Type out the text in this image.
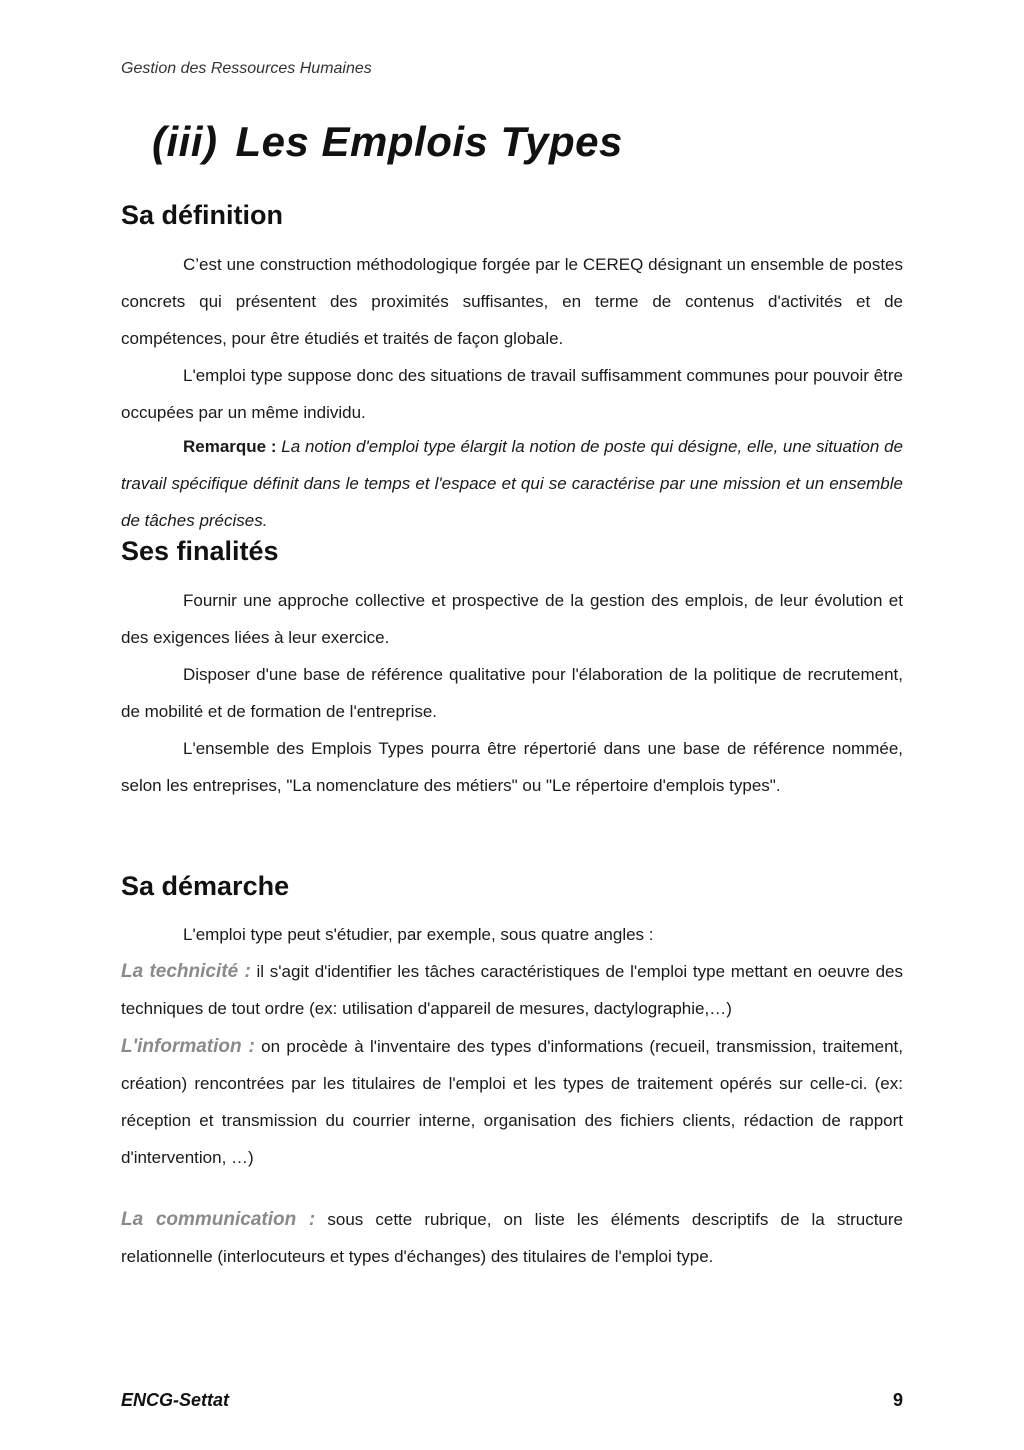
Gestion des Ressources Humaines
(iii) Les Emplois Types
Sa définition

C’est une construction méthodologique forgée par le CEREQ désignant un ensemble de postes concrets qui présentent des proximités suffisantes, en terme de contenus d'activités et de compétences, pour être étudiés et traités de façon globale.

L'emploi type suppose donc des situations de travail suffisamment communes pour pouvoir être occupées par un même individu.

Remarque : La notion d'emploi type élargit la notion de poste qui désigne, elle, une situation de travail spécifique définit dans le temps et l'espace et qui se caractérise par une mission et un ensemble de tâches précises.

Ses finalités

Fournir une approche collective et prospective de la gestion des emplois, de leur évolution et des exigences liées à leur exercice.

Disposer d'une base de référence qualitative pour l'élaboration de la politique de recrutement, de mobilité et de formation de l'entreprise.

L'ensemble des Emplois Types pourra être répertorié dans une base de référence nommée, selon les entreprises, "La nomenclature des métiers" ou "Le répertoire d'emplois types".

Sa démarche

L'emploi type peut s'étudier, par exemple, sous quatre angles :

La technicité : il s'agit d'identifier les tâches caractéristiques de l'emploi type mettant en oeuvre des techniques de tout ordre (ex: utilisation d'appareil de mesures, dactylographie,…)

L'information : on procède à l'inventaire des types d'informations (recueil, transmission, traitement, création) rencontrées par les titulaires de l'emploi et les types de traitement opérés sur celle-ci. (ex: réception et transmission du courrier interne, organisation des fichiers clients, rédaction de rapport d'intervention, …)

La communication : sous cette rubrique, on liste les éléments descriptifs de la structure relationnelle (interlocuteurs et types d'échanges) des titulaires de l'emploi type.

ENCG-Settat	9
